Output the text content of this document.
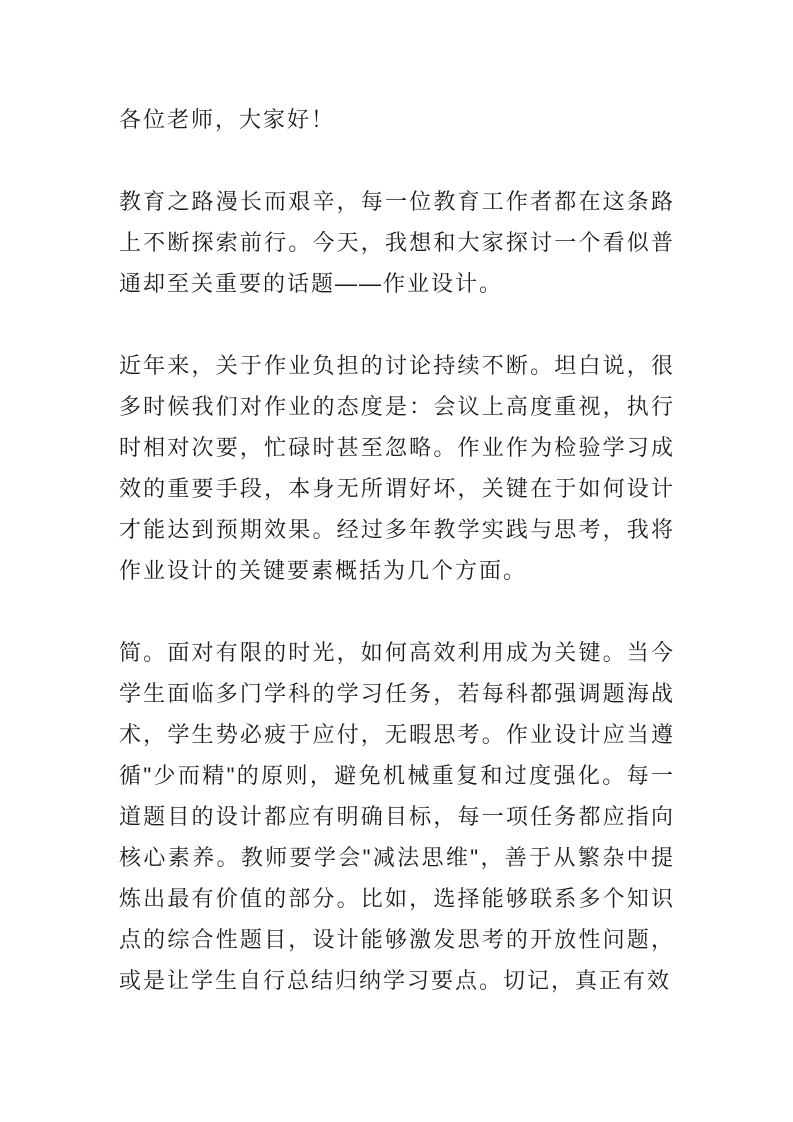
各位老师，大家好！

教育之路漫长而艰辛，每一位教育工作者都在这条路上不断探索前行。今天，我想和大家探讨一个看似普通却至关重要的话题——作业设计。

近年来，关于作业负担的讨论持续不断。坦白说，很多时候我们对作业的态度是：会议上高度重视，执行时相对次要，忙碌时甚至忽略。作业作为检验学习成效的重要手段，本身无所谓好坏，关键在于如何设计才能达到预期效果。经过多年教学实践与思考，我将作业设计的关键要素概括为几个方面。

简。面对有限的时光，如何高效利用成为关键。当今学生面临多门学科的学习任务，若每科都强调题海战术，学生势必疲于应付，无暇思考。作业设计应当遵循"少而精"的原则，避免机械重复和过度强化。每一道题目的设计都应有明确目标，每一项任务都应指向核心素养。教师要学会"减法思维"，善于从繁杂中提炼出最有价值的部分。比如，选择能够联系多个知识点的综合性题目，设计能够激发思考的开放性问题，或是让学生自行总结归纳学习要点。切记，真正有效
